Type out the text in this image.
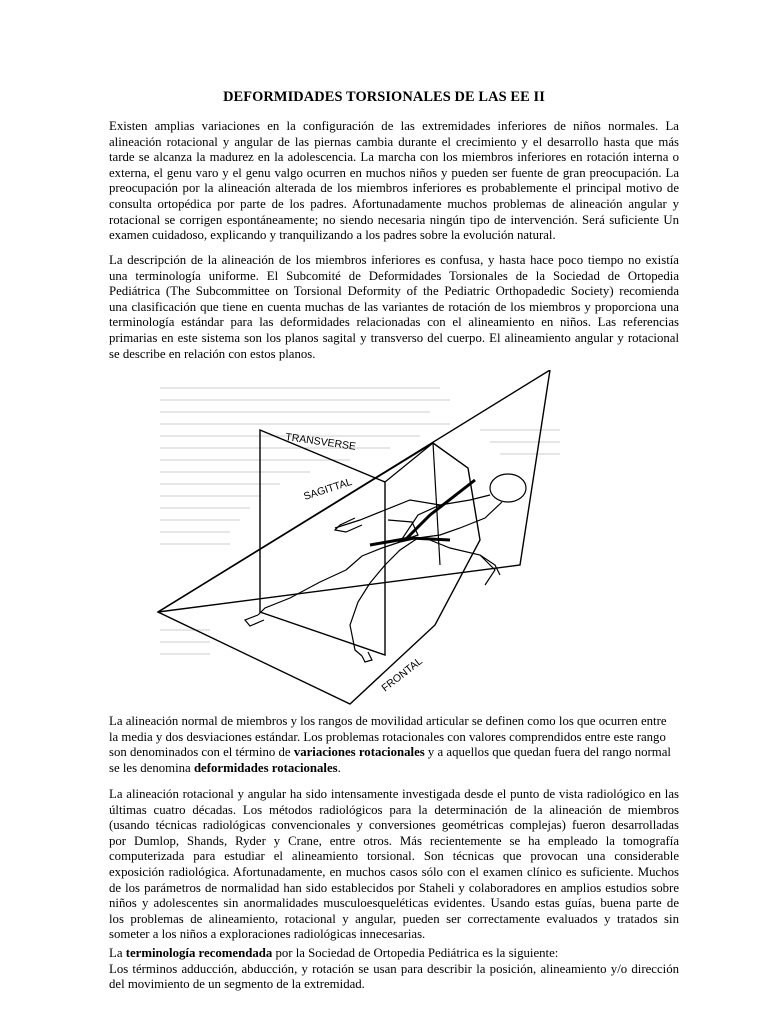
DEFORMIDADES TORSIONALES DE LAS EE II
Existen amplias variaciones en la configuración de las extremidades inferiores de niños normales. La
alineación rotacional y angular de las piernas cambia durante el crecimiento y el desarrollo hasta que más
tarde se alcanza la madurez en la adolescencia. La marcha con los miembros inferiores en rotación interna o
externa, el genu varo y el genu valgo ocurren en muchos niños y pueden ser fuente de gran preocupación. La
preocupación por la alineación alterada de los miembros inferiores es probablemente el principal motivo de
consulta ortopédica por parte de los padres. Afortunadamente muchos problemas de alineación angular y
rotacional se corrigen espontáneamente; no siendo necesaria ningún tipo de intervención. Será suficiente Un
examen cuidadoso, explicando y tranquilizando a los padres sobre la evolución natural.
La descripción de la alineación de los miembros inferiores es confusa, y hasta hace poco tiempo no existía
una terminología uniforme. El Subcomité de Deformidades Torsionales de la Sociedad de Ortopedia
Pediátrica (The Subcommittee on Torsional Deformity of the Pediatric Orthopadedic Society) recomienda
una clasificación que tiene en cuenta muchas de las variantes de rotación de los miembros y proporciona una
terminología estándar para las deformidades relacionadas con el alineamiento en niños. Las referencias
primarias en este sistema son los planos sagital y transverso del cuerpo. El alineamiento angular y rotacional
se describe en relación con estos planos.
TRANSVERSE
SAGITTAL
FRONTAL
La alineación normal de miembros y los rangos de movilidad articular se definen como los que ocurren entre
la media y dos desviaciones estándar. Los problemas rotacionales con valores comprendidos entre este rango
son denominados con el término de variaciones rotacionales y a aquellos que quedan fuera del rango normal
se les denomina deformidades rotacionales.
La alineación rotacional y angular ha sido intensamente investigada desde el punto de vista radiológico en las
últimas cuatro décadas. Los métodos radiológicos para la determinación de la alineación de miembros
(usando técnicas radiológicas convencionales y conversiones geométricas complejas) fueron desarrolladas
por Dumlop, Shands, Ryder y Crane, entre otros. Más recientemente se ha empleado la tomografía
computerizada para estudiar el alineamiento torsional. Son técnicas que provocan una considerable
exposición radiológica. Afortunadamente, en muchos casos sólo con el examen clínico es suficiente. Muchos
de los parámetros de normalidad han sido establecidos por Staheli y colaboradores en amplios estudios sobre
niños y adolescentes sin anormalidades musculoesqueléticas evidentes. Usando estas guías, buena parte de
los problemas de alineamiento, rotacional y angular, pueden ser correctamente evaluados y tratados sin
someter a los niños a exploraciones radiológicas innecesarias.
La terminología recomendada por la Sociedad de Ortopedia Pediátrica es la siguiente:
Los términos adducción, abducción, y rotación se usan para describir la posición, alineamiento y/o dirección
del movimiento de un segmento de la extremidad.
